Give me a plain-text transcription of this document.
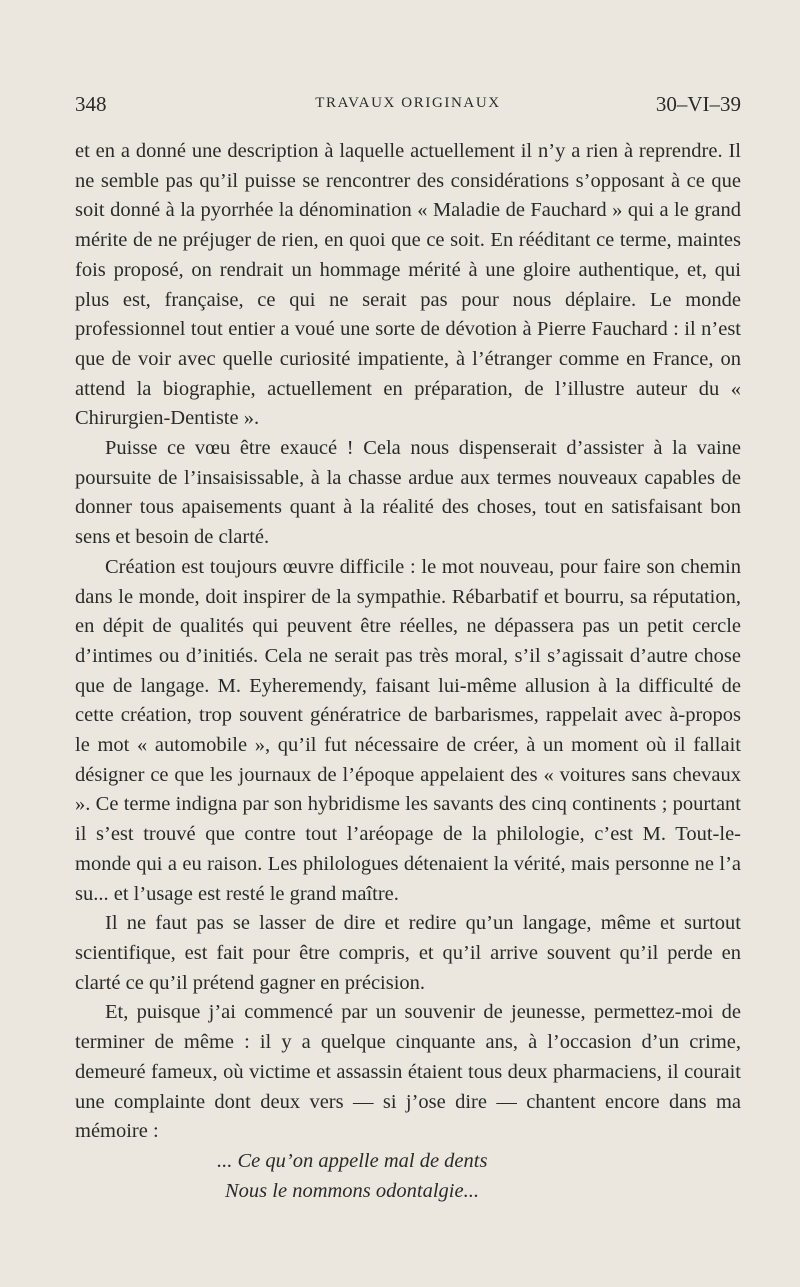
348	TRAVAUX ORIGINAUX	30–VI–39

et en a donné une description à laquelle actuellement il n’y a rien à reprendre. Il ne semble pas qu’il puisse se rencontrer des considérations s’opposant à ce que soit donné à la pyorrhée la dénomination « Maladie de Fauchard » qui a le grand mérite de ne préjuger de rien, en quoi que ce soit. En rééditant ce terme, maintes fois proposé, on rendrait un hommage mérité à une gloire authentique, et, qui plus est, française, ce qui ne serait pas pour nous déplaire. Le monde professionnel tout entier a voué une sorte de dévotion à Pierre Fauchard : il n’est que de voir avec quelle curiosité impatiente, à l’étranger comme en France, on attend la biographie, actuellement en préparation, de l’illustre auteur du « Chirurgien-Dentiste ».

Puisse ce vœu être exaucé ! Cela nous dispenserait d’assister à la vaine poursuite de l’insaisissable, à la chasse ardue aux termes nouveaux capables de donner tous apaisements quant à la réalité des choses, tout en satisfaisant bon sens et besoin de clarté.

Création est toujours œuvre difficile : le mot nouveau, pour faire son chemin dans le monde, doit inspirer de la sympathie. Rébarbatif et bourru, sa réputation, en dépit de qualités qui peuvent être réelles, ne dépassera pas un petit cercle d’intimes ou d’initiés. Cela ne serait pas très moral, s’il s’agissait d’autre chose que de langage. M. Eyheremendy, faisant lui-même allusion à la difficulté de cette création, trop souvent génératrice de barbarismes, rappelait avec à-propos le mot « automobile », qu’il fut nécessaire de créer, à un moment où il fallait désigner ce que les journaux de l’époque appelaient des « voitures sans chevaux ». Ce terme indigna par son hybridisme les savants des cinq continents ; pourtant il s’est trouvé que contre tout l’aréopage de la philologie, c’est M. Tout-le-monde qui a eu raison. Les philologues détenaient la vérité, mais personne ne l’a su... et l’usage est resté le grand maître.

Il ne faut pas se lasser de dire et redire qu’un langage, même et surtout scientifique, est fait pour être compris, et qu’il arrive souvent qu’il perde en clarté ce qu’il prétend gagner en précision.

Et, puisque j’ai commencé par un souvenir de jeunesse, permettez-moi de terminer de même : il y a quelque cinquante ans, à l’occasion d’un crime, demeuré fameux, où victime et assassin étaient tous deux pharmaciens, il courait une complainte dont deux vers — si j’ose dire — chantent encore dans ma mémoire :

... Ce qu’on appelle mal de dents
Nous le nommons odontalgie...
